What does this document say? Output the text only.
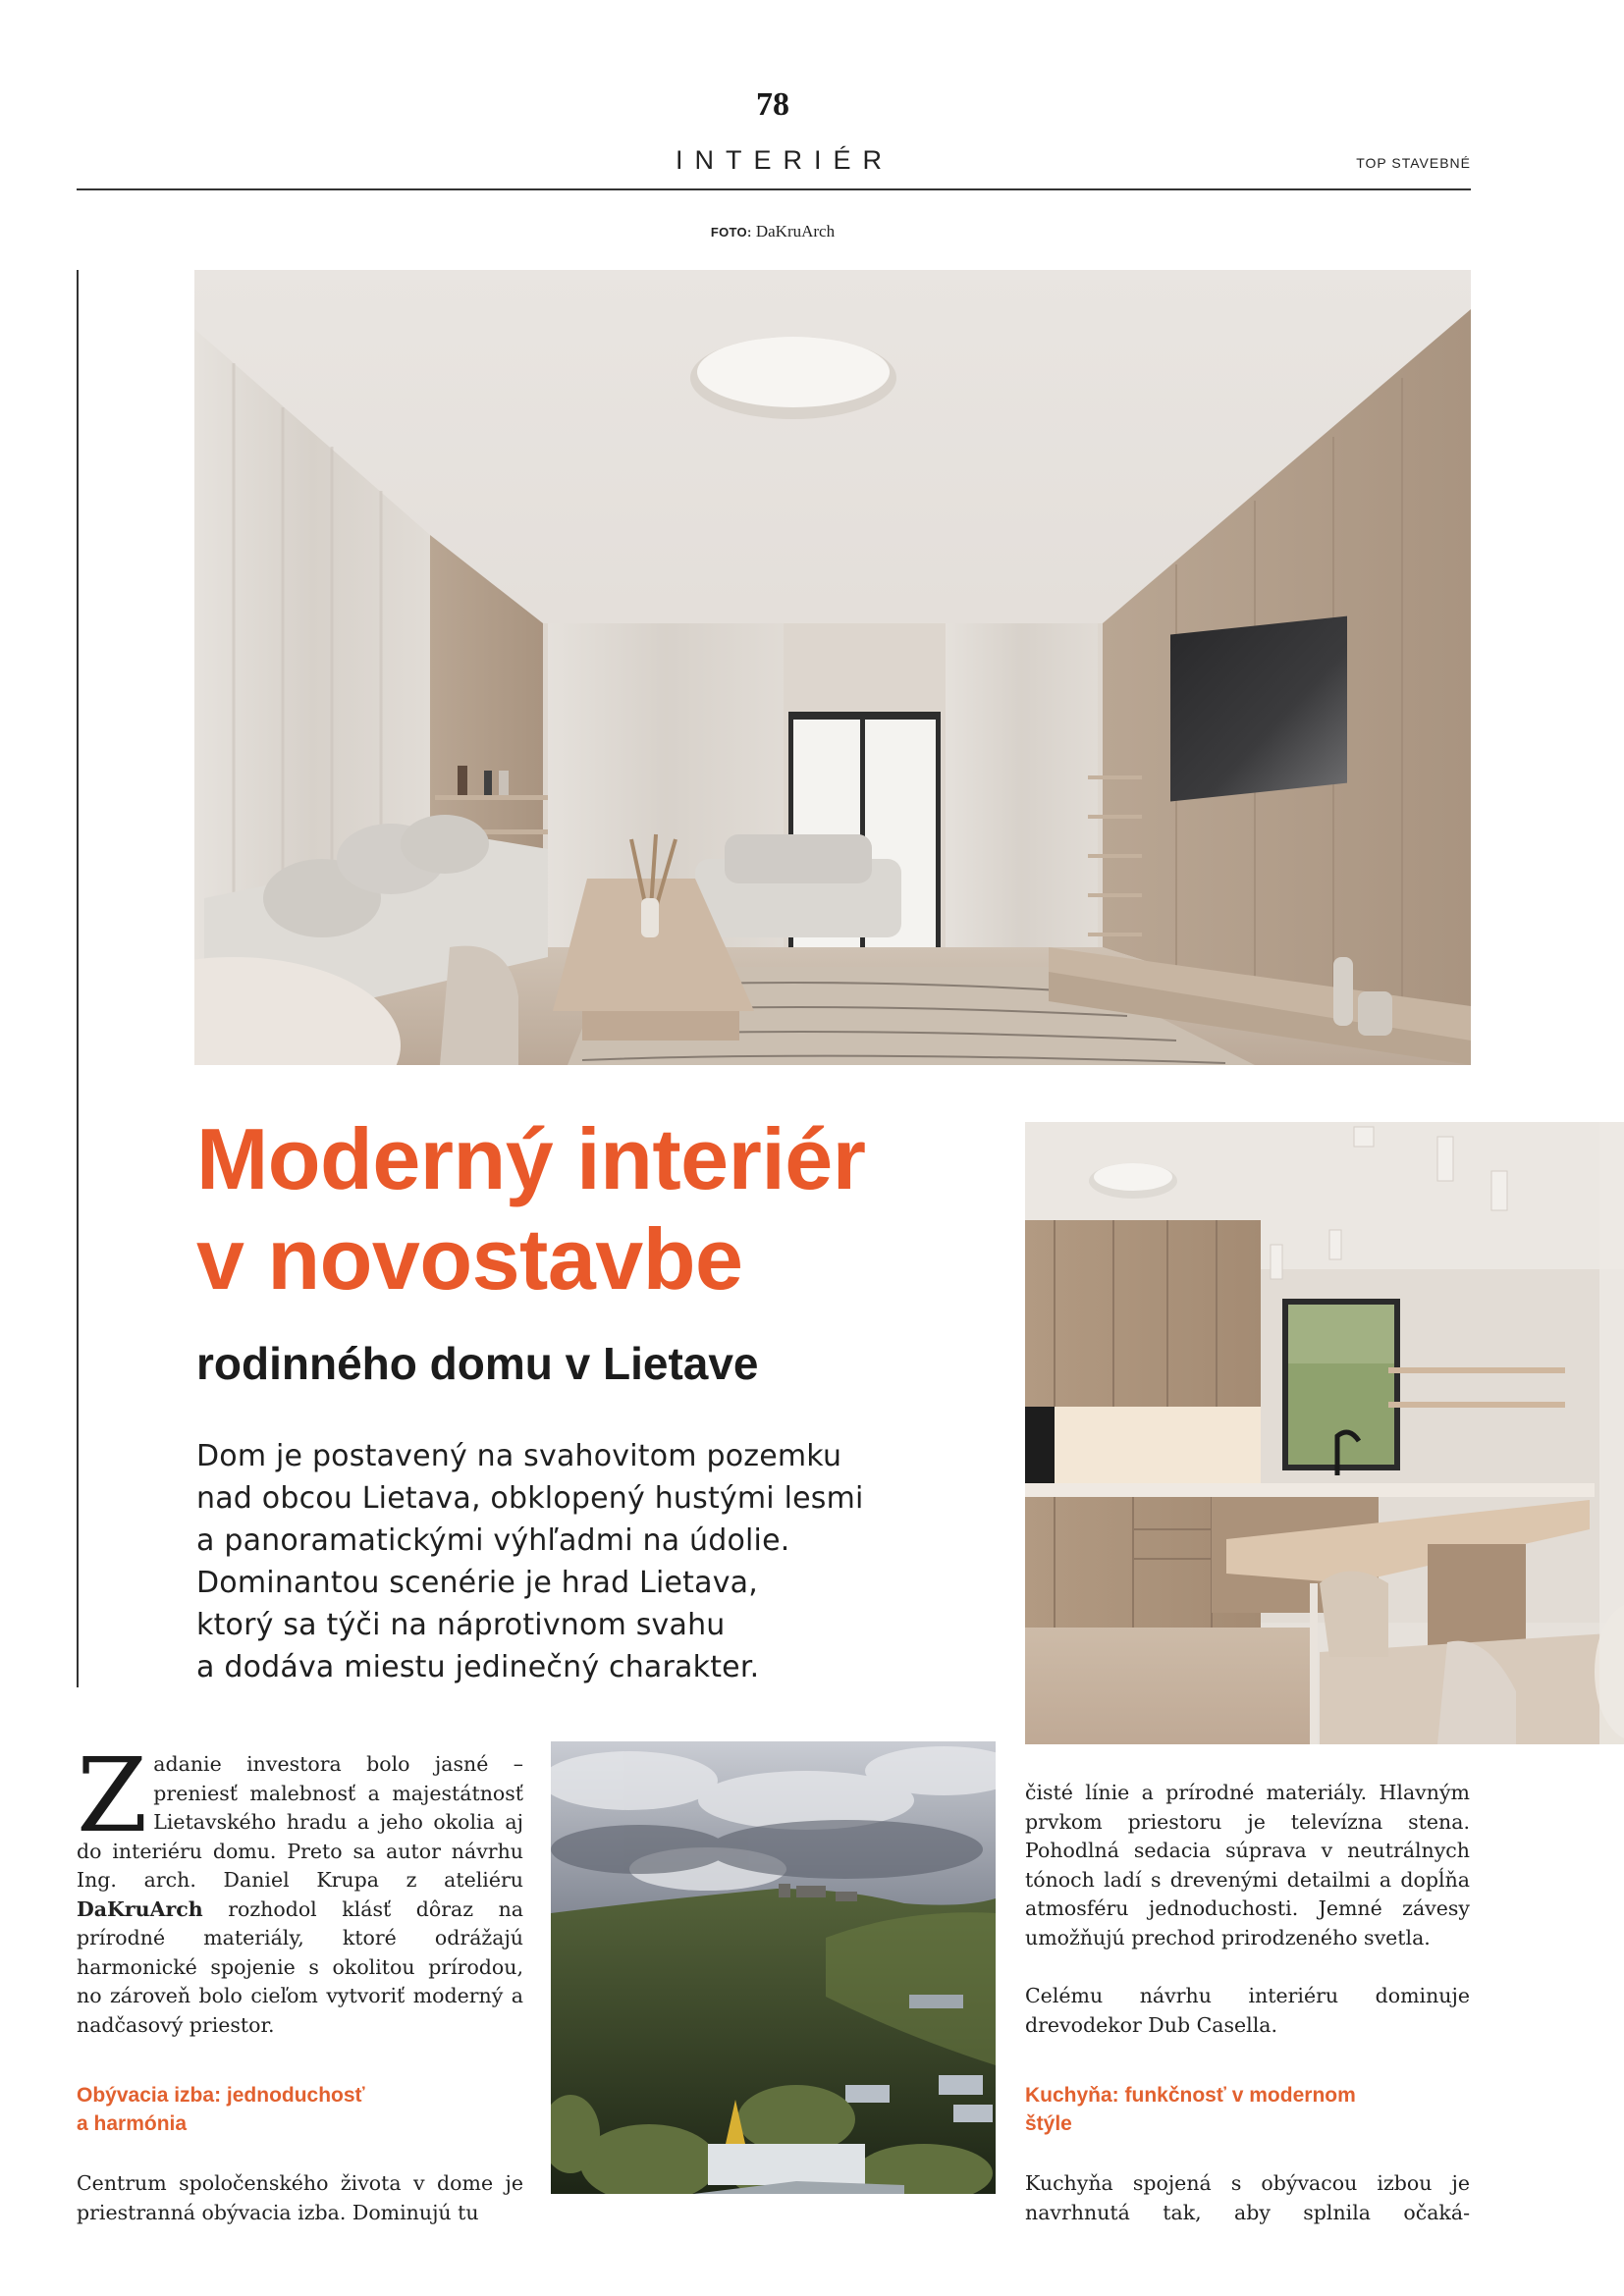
78
INTERIÉR	TOP STAVEBNÉ
FOTO: DaKruArch
Moderný interiér
v novostavbe
rodinného domu v Lietave
Dom je postavený na svahovitom pozemku
nad obcou Lietava, obklopený hustými lesmi
a panoramatickými výhľadmi na údolie.
Dominantou scenérie je hrad Lietava,
ktorý sa týči na náprotivnom svahu
a dodáva miestu jedinečný charakter.

Zadanie investora bolo jasné – preniesť malebnosť a majestátnosť Lietavského hradu a jeho okolia aj do interiéru domu. Preto sa autor návrhu Ing. arch. Daniel Krupa z ateliéru DaKruArch rozhodol klásť dôraz na prírodné materiály, ktoré odrážajú harmonické spojenie s okolitou prírodou, no zároveň bolo cieľom vytvoriť moderný a nadčasový priestor.

Obývacia izba: jednoduchosť
a harmónia

Centrum spoločenského života v dome je priestranná obývacia izba. Dominujú tu

čisté línie a prírodné materiály. Hlavným prvkom priestoru je televízna stena. Pohodlná sedacia súprava v neutrálnych tónoch ladí s drevenými detailmi a dopĺňa atmosféru jednoduchosti. Jemné závesy umožňujú prechod prirodzeného svetla.

Celému návrhu interiéru dominuje drevodekor Dub Casella.

Kuchyňa: funkčnosť v modernom
štýle

Kuchyňa spojená s obývacou izbou je navrhnutá tak, aby splnila očaká-
